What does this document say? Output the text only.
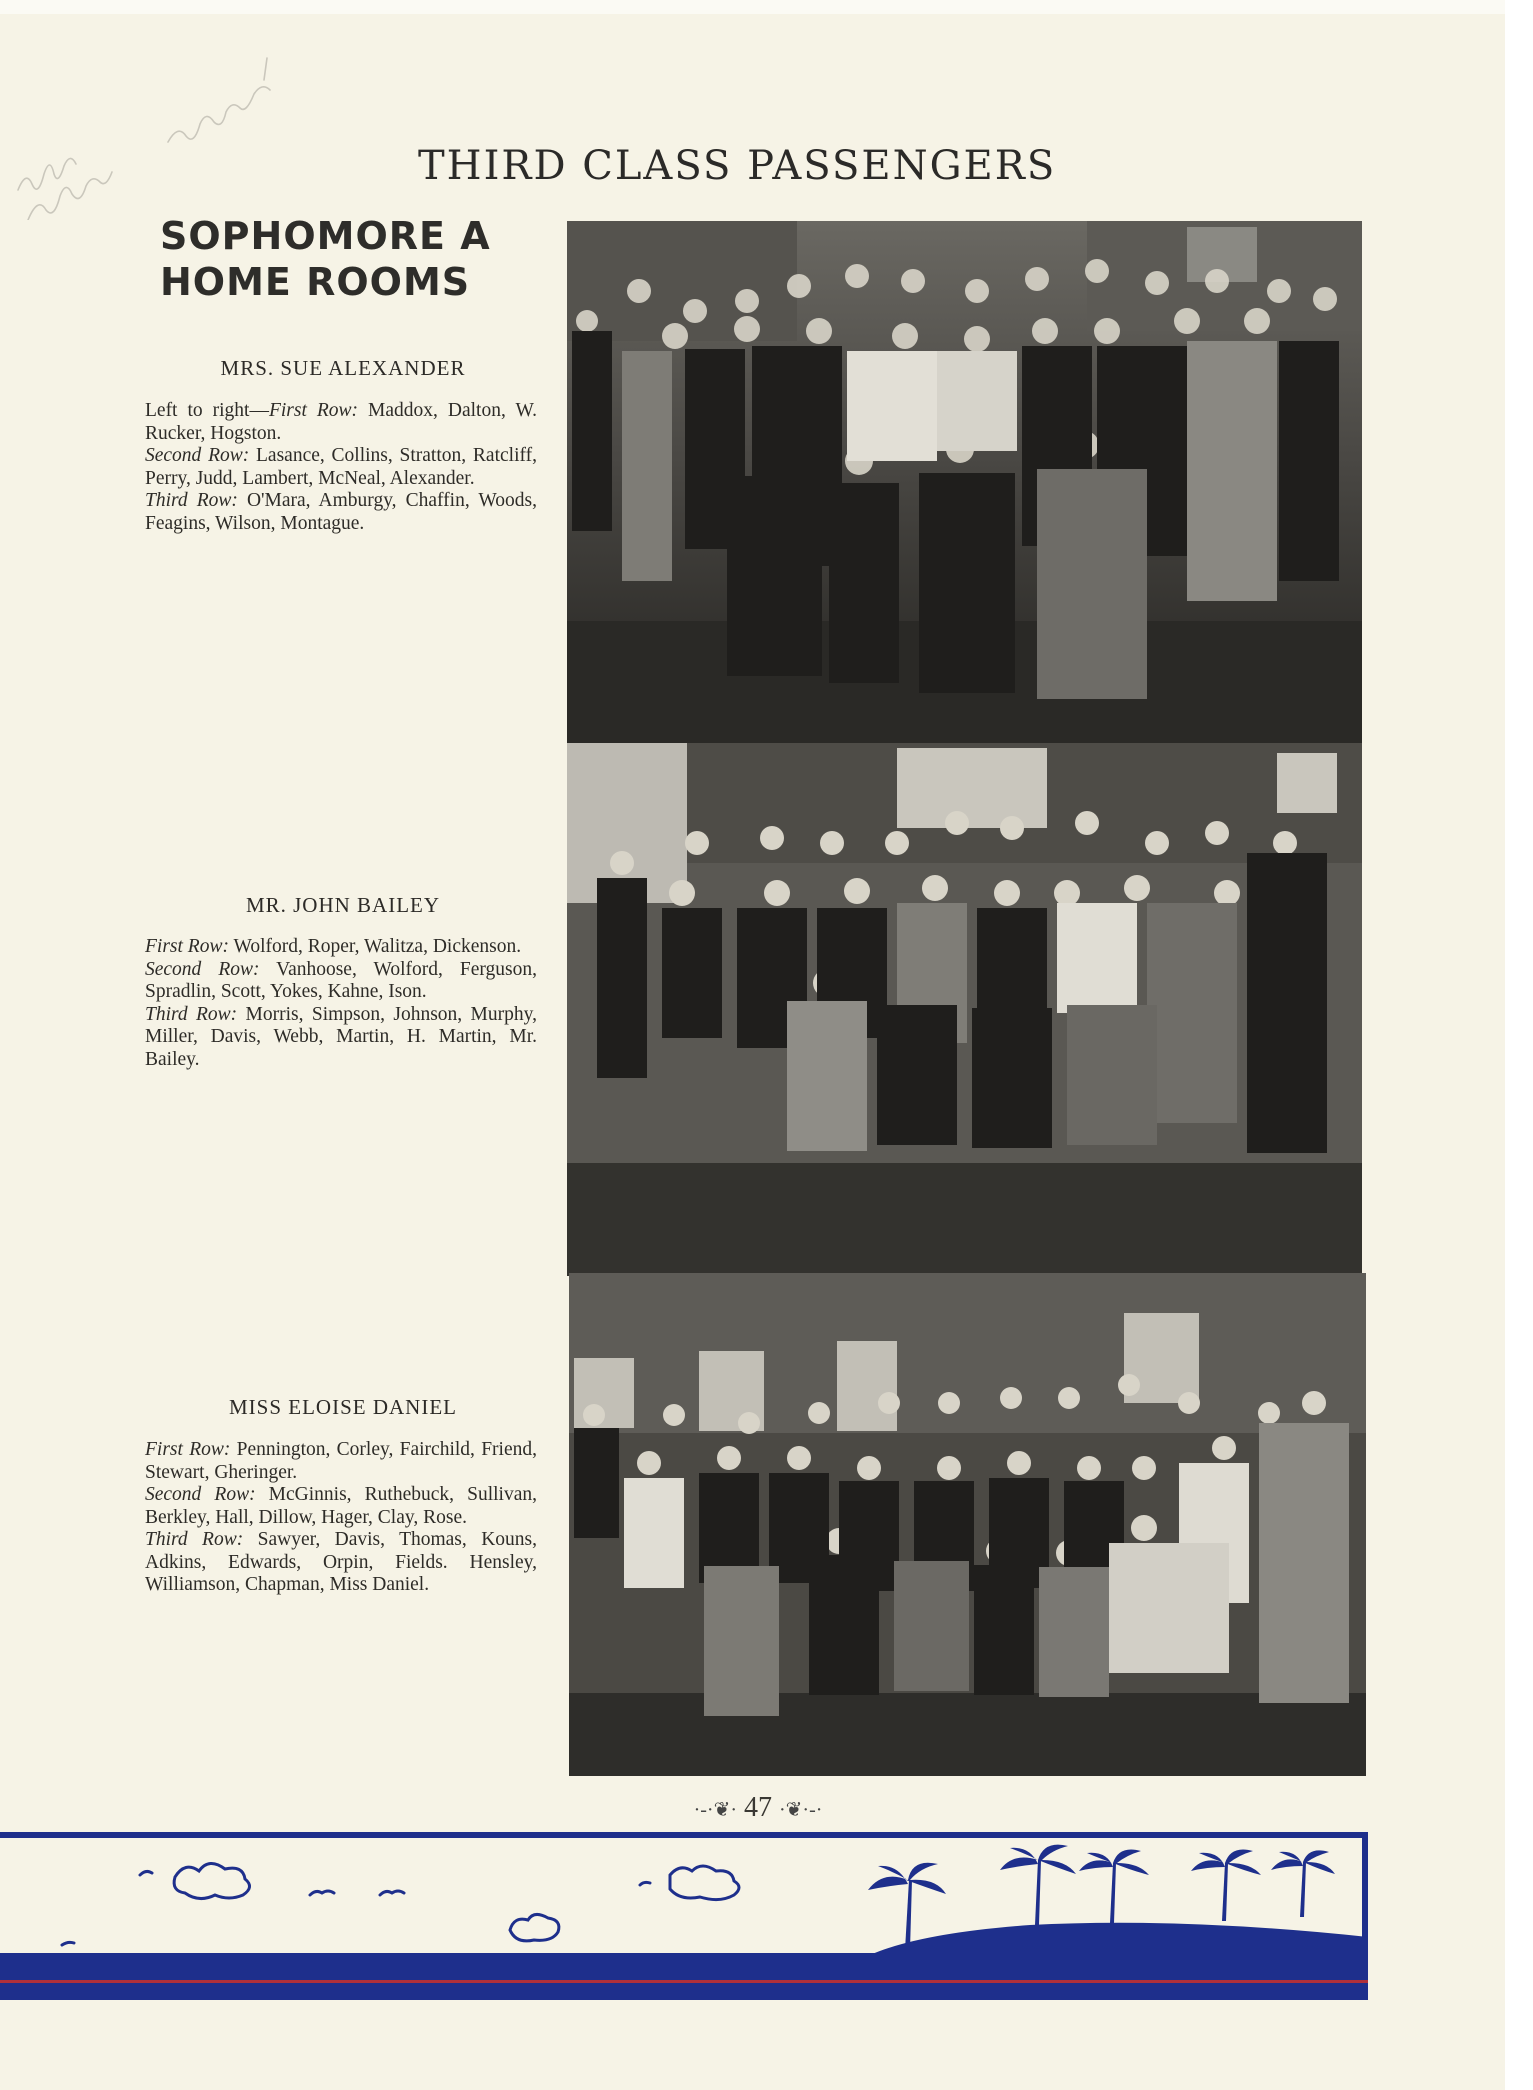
THIRD CLASS PASSENGERS
SOPHOMORE A
HOME ROOMS
MRS. SUE ALEXANDER

Left to right—First Row: Maddox, Dalton, W. Rucker, Hogston.

Second Row: Lasance, Collins, Stratton, Ratcliff, Perry, Judd, Lambert, McNeal, Alexander.

Third Row: O'Mara, Amburgy, Chaffin, Woods, Feagins, Wilson, Montague.

MR. JOHN BAILEY

First Row: Wolford, Roper, Walitza, Dickenson.

Second Row: Vanhoose, Wolford, Ferguson, Spradlin, Scott, Yokes, Kahne, Ison.

Third Row: Morris, Simpson, Johnson, Murphy, Miller, Davis, Webb, Martin, H. Martin, Mr. Bailey.

MISS ELOISE DANIEL

First Row: Pennington, Corley, Fairchild, Friend, Stewart, Gheringer.

Second Row: McGinnis, Ruthebuck, Sullivan, Berkley, Hall, Dillow, Hager, Clay, Rose.

Third Row: Sawyer, Davis, Thomas, Kouns, Adkins, Edwards, Orpin, Fields. Hensley, Williamson, Chapman, Miss Daniel.

·-·❦· 47 ·❦·-·
